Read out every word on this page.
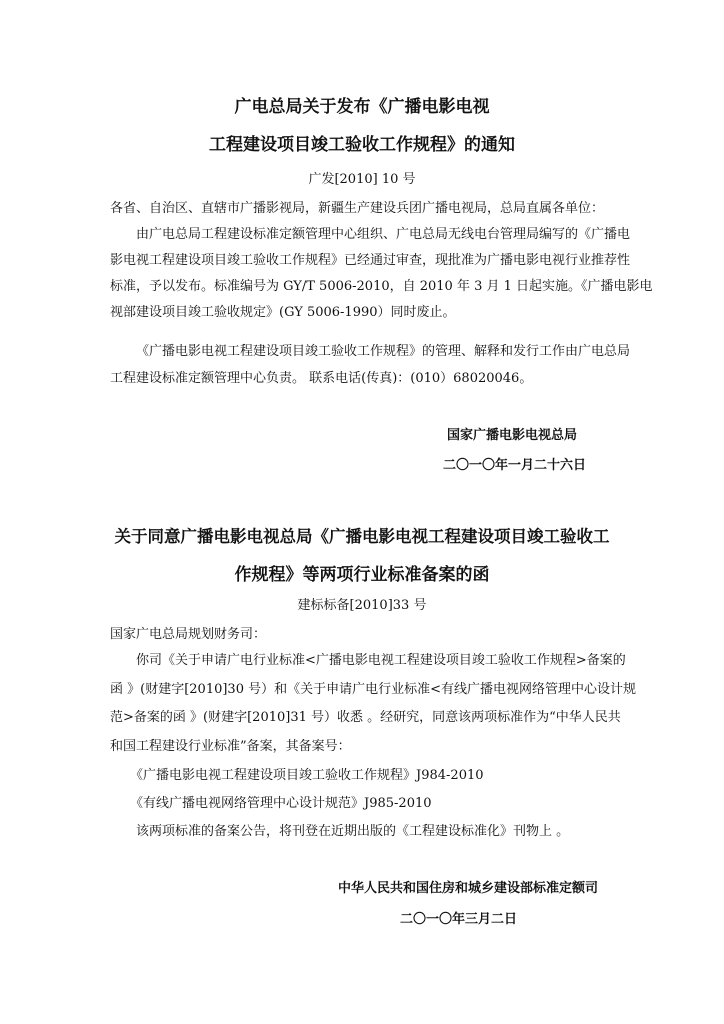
广电总局关于发布《广播电影电视
工程建设项目竣工验收工作规程》的通知
广发[2010] 10 号

各省、自治区、直辖市广播影视局，新疆生产建设兵团广播电视局，总局直属各单位：

由广电总局工程建设标准定额管理中心组织、广电总局无线电台管理局编写的《广播电

影电视工程建设项目竣工验收工作规程》已经通过审查，现批准为广播电影电视行业推荐性

标准，予以发布。标准编号为 GY/T 5006-2010，自 2010 年 3 月 1 日起实施。《广播电影电

视部建设项目竣工验收规定》(GY 5006-1990）同时废止。

《广播电影电视工程建设项目竣工验收工作规程》的管理、解释和发行工作由广电总局

工程建设标准定额管理中心负责。 联系电话(传真)：(010）68020046。

国家广播电影电视总局
二〇一〇年一月二十六日
关于同意广播电影电视总局《广播电影电视工程建设项目竣工验收工
作规程》等两项行业标准备案的函
建标标备[2010]33 号

国家广电总局规划财务司：

你司《关于申请广电行业标准<广播电影电视工程建设项目竣工验收工作规程>备案的

函 》(财建字[2010]30 号）和《关于申请广电行业标准<有线广播电视网络管理中心设计规

范>备案的函 》(财建字[2010]31 号）收悉 。经研究，同意该两项标准作为“中华人民共

和国工程建设行业标准”备案，其备案号：

《广播电影电视工程建设项目竣工验收工作规程》J984-2010

《有线广播电视网络管理中心设计规范》J985-2010

该两项标准的备案公告，将刊登在近期出版的《工程建设标准化》刊物上 。

中华人民共和国住房和城乡建设部标准定额司
二〇一〇年三月二日
